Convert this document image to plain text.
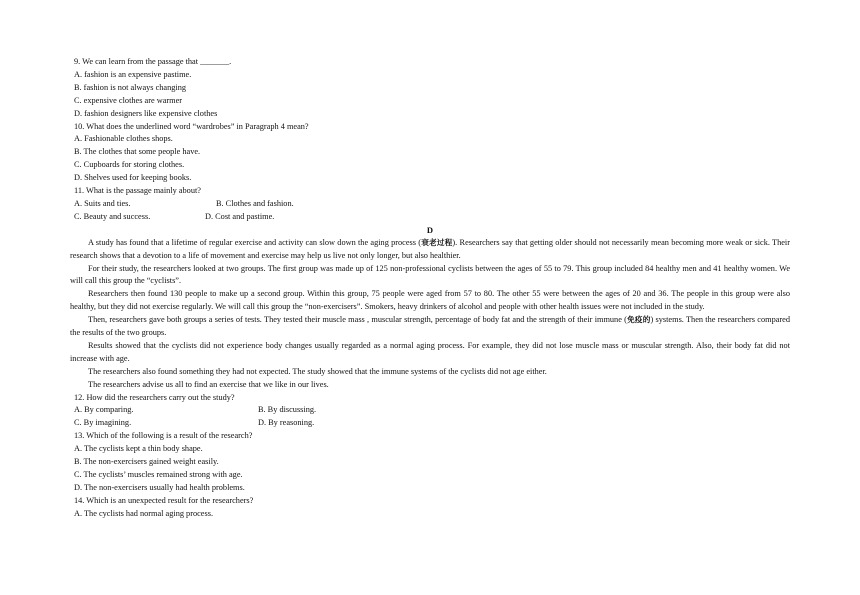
9. We can learn from the passage that _______.
A. fashion is an expensive pastime.
B. fashion is not always changing
C. expensive clothes are warmer
D. fashion designers like expensive clothes
10. What does the underlined word “wardrobes” in Paragraph 4 mean?
A. Fashionable clothes shops.
B. The clothes that some people have.
C. Cupboards for storing clothes.
D. Shelves used for keeping books.
11. What is the passage mainly about?
A. Suits and ties.	B. Clothes and fashion.
C. Beauty and success.	D. Cost and pastime.
D
A study has found that a lifetime of regular exercise and activity can slow down the aging process (衰老过程). Researchers say that getting older should not necessarily mean becoming more weak or sick. Their research shows that a devotion to a life of movement and exercise may help us live not only longer, but also healthier.
For their study, the researchers looked at two groups. The first group was made up of 125 non-professional cyclists between the ages of 55 to 79. This group included 84 healthy men and 41 healthy women. We will call this group the “cyclists”.
Researchers then found 130 people to make up a second group. Within this group, 75 people were aged from 57 to 80. The other 55 were between the ages of 20 and 36. The people in this group were also healthy, but they did not exercise regularly. We will call this group the “non-exercisers”. Smokers, heavy drinkers of alcohol and people with other health issues were not included in the study.
Then, researchers gave both groups a series of tests. They tested their muscle mass , muscular strength, percentage of body fat and the strength of their immune (免疫的) systems. Then the researchers compared the results of the two groups.
Results showed that the cyclists did not experience body changes usually regarded as a normal aging process. For example, they did not lose muscle mass or muscular strength. Also, their body fat did not increase with age.
The researchers also found something they had not expected. The study showed that the immune systems of the cyclists did not age either.
The researchers advise us all to find an exercise that we like in our lives.
12. How did the researchers carry out the study?
A. By comparing.	B. By discussing.
C. By imagining.	D. By reasoning.
13. Which of the following is a result of the research?
A. The cyclists kept a thin body shape.
B. The non-exercisers gained weight easily.
C. The cyclists’ muscles remained strong with age.
D. The non-exercisers usually had health problems.
14. Which is an unexpected result for the researchers?
A. The cyclists had normal aging process.
